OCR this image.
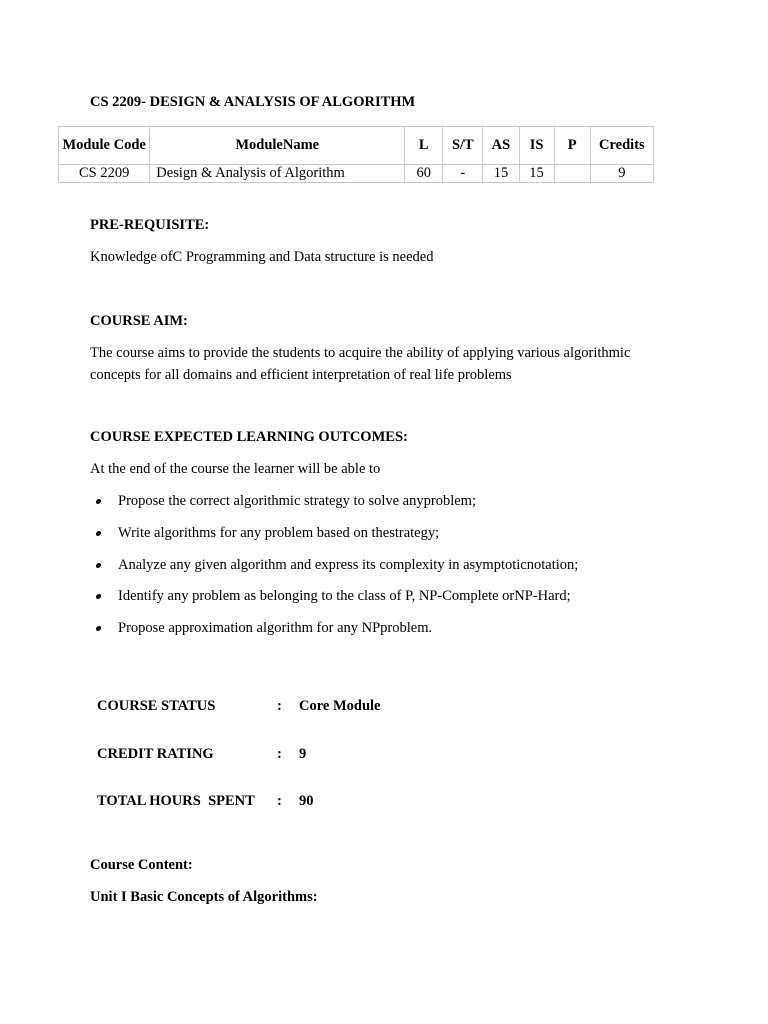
CS 2209- DESIGN & ANALYSIS OF ALGORITHM
Module Code	ModuleName	L	S/T	AS	IS	P	Credits
CS 2209	Design & Analysis of Algorithm	60	-	15	15		9
PRE-REQUISITE:
Knowledge ofC Programming and Data structure is needed
COURSE AIM:
The course aims to provide the students to acquire the ability of applying various algorithmic concepts for all domains and efficient interpretation of real life problems
COURSE EXPECTED LEARNING OUTCOMES:
At the end of the course the learner will be able to
Propose the correct algorithmic strategy to solve anyproblem;
Write algorithms for any problem based on thestrategy;
Analyze any given algorithm and express its complexity in asymptoticnotation;
Identify any problem as belonging to the class of P, NP-Complete orNP-Hard;
Propose approximation algorithm for any NPproblem.
COURSE STATUS	: Core Module
CREDIT RATING	: 9
TOTAL HOURS  SPENT : 90
Course Content:
Unit I Basic Concepts of Algorithms:
